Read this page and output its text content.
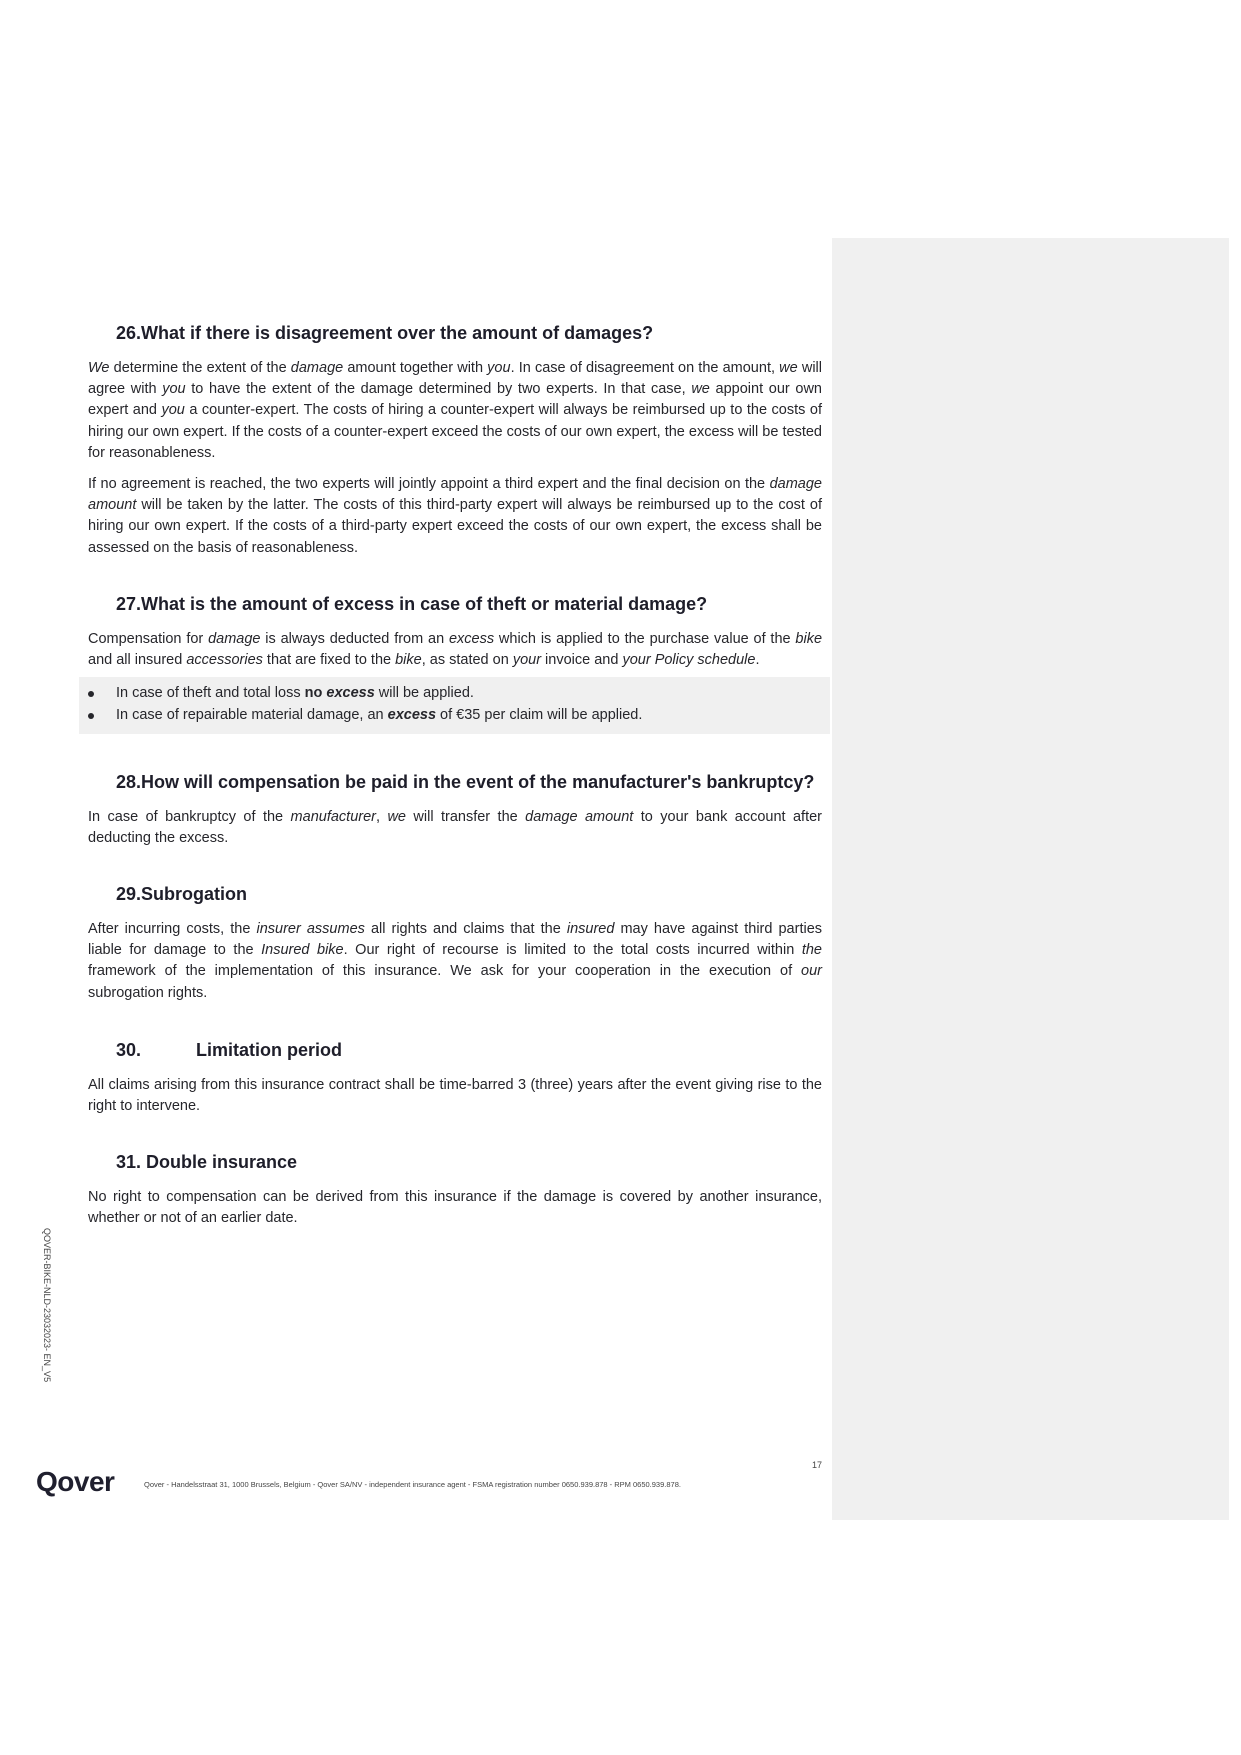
26.What if there is disagreement over the amount of damages?

We determine the extent of the damage amount together with you. In case of disagreement on the amount, we will agree with you to have the extent of the damage determined by two experts. In that case, we appoint our own expert and you a counter-expert. The costs of hiring a counter-expert will always be reimbursed up to the costs of hiring our own expert. If the costs of a counter-expert exceed the costs of our own expert, the excess will be tested for reasonableness.

If no agreement is reached, the two experts will jointly appoint a third expert and the final decision on the damage amount will be taken by the latter. The costs of this third-party expert will always be reimbursed up to the cost of hiring our own expert. If the costs of a third-party expert exceed the costs of our own expert, the excess shall be assessed on the basis of reasonableness.

27.What is the amount of excess in case of theft or material damage?

Compensation for damage is always deducted from an excess which is applied to the purchase value of the bike and all insured accessories that are fixed to the bike, as stated on your invoice and your Policy schedule.

In case of theft and total loss no excess will be applied.
In case of repairable material damage, an excess of €35 per claim will be applied.
28.How will compensation be paid in the event of the manufacturer's bankruptcy?

In case of bankruptcy of the manufacturer, we will transfer the damage amount to your bank account after deducting the excess.

29.Subrogation

After incurring costs, the insurer assumes all rights and claims that the insured may have against third parties liable for damage to the Insured bike. Our right of recourse is limited to the total costs incurred within the framework of the implementation of this insurance. We ask for your cooperation in the execution of our subrogation rights.

30.	Limitation period

All claims arising from this insurance contract shall be time-barred 3 (three) years after the event giving rise to the right to intervene.

31. Double insurance

No right to compensation can be derived from this insurance if the damage is covered by another insurance, whether or not of an earlier date.

QOVER-BIKE-NLD-23032023- EN_V5
17
Qover	Qover - Handelsstraat 31, 1000 Brussels, Belgium - Qover SA/NV - independent insurance agent - FSMA registration number 0650.939.878 - RPM 0650.939.878.
